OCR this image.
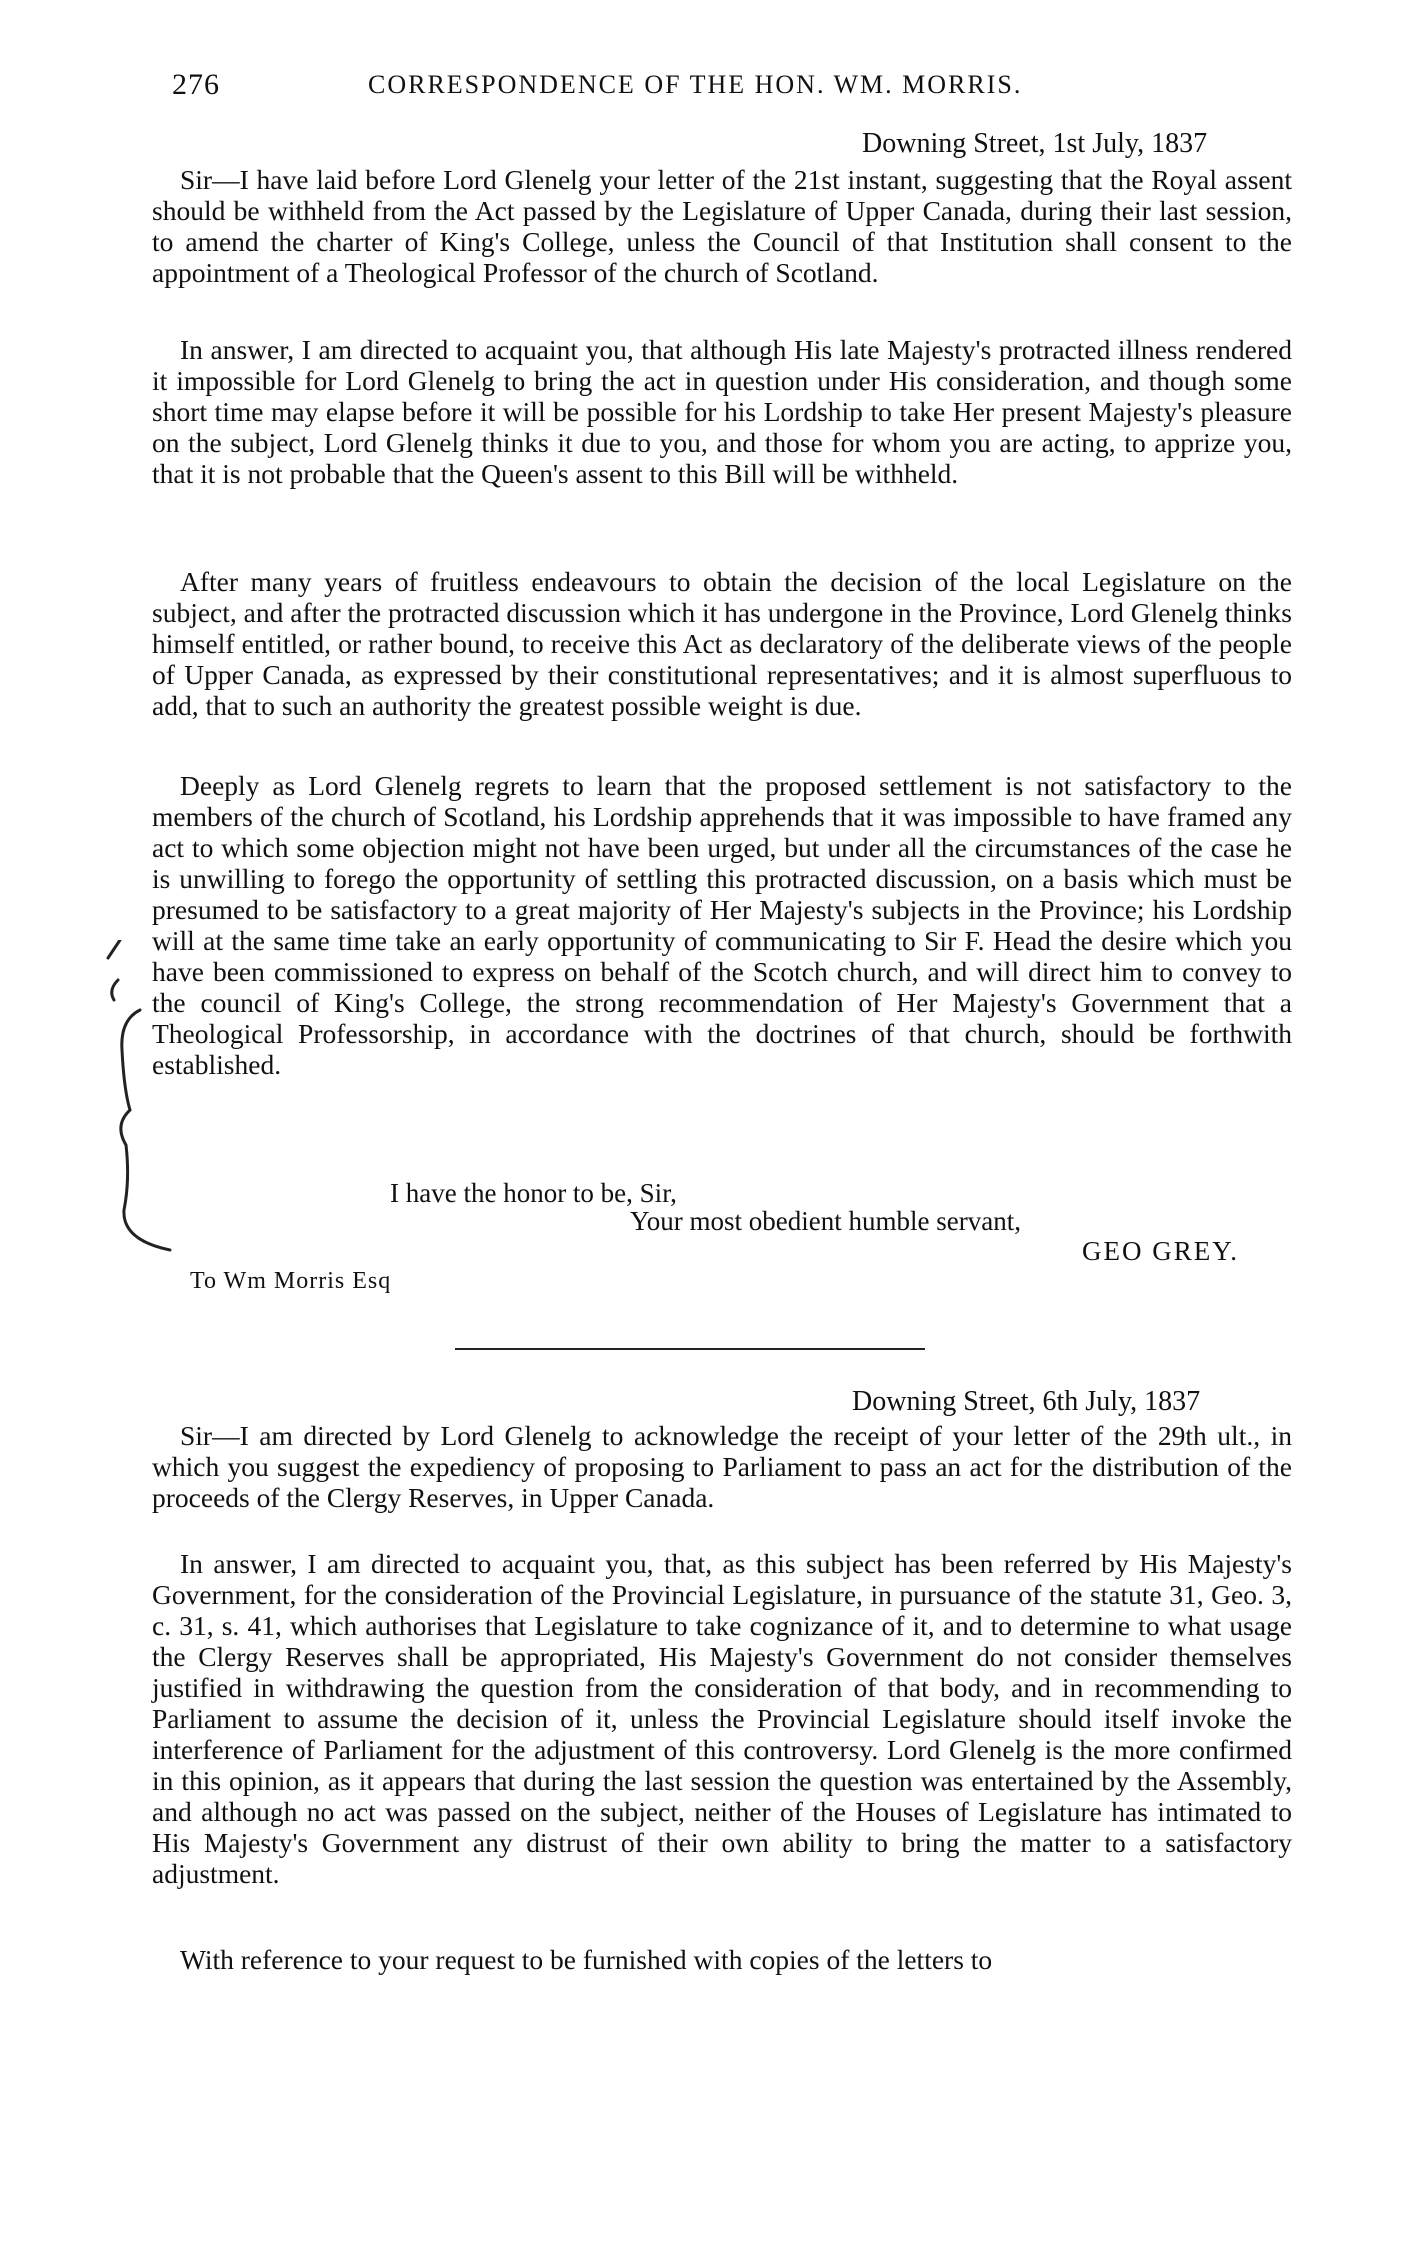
276	CORRESPONDENCE OF THE HON. WM. MORRIS.
Downing Street, 1st July, 1837

Sir—I have laid before Lord Glenelg your letter of the 21st instant, suggesting that the Royal assent should be withheld from the Act passed by the Legislature of Upper Canada, during their last session, to amend the charter of King's College, unless the Council of that Institution shall consent to the appointment of a Theological Professor of the church of Scotland.

In answer, I am directed to acquaint you, that although His late Majesty's protracted illness rendered it impossible for Lord Glenelg to bring the act in question under His consideration, and though some short time may elapse before it will be possible for his Lordship to take Her present Majesty's pleasure on the subject, Lord Glenelg thinks it due to you, and those for whom you are acting, to apprize you, that it is not probable that the Queen's assent to this Bill will be withheld.

After many years of fruitless endeavours to obtain the decision of the local Legislature on the subject, and after the protracted discussion which it has undergone in the Province, Lord Glenelg thinks himself entitled, or rather bound, to receive this Act as declaratory of the deliberate views of the people of Upper Canada, as expressed by their constitutional representatives; and it is almost superfluous to add, that to such an authority the greatest possible weight is due.

Deeply as Lord Glenelg regrets to learn that the proposed settlement is not satisfactory to the members of the church of Scotland, his Lordship apprehends that it was impossible to have framed any act to which some objection might not have been urged, but under all the circumstances of the case he is unwilling to forego the opportunity of settling this protracted discussion, on a basis which must be presumed to be satisfactory to a great majority of Her Majesty's subjects in the Province; his Lordship will at the same time take an early opportunity of communicating to Sir F. Head the desire which you have been commissioned to express on behalf of the Scotch church, and will direct him to convey to the council of King's College, the strong recommendation of Her Majesty's Government that a Theological Professorship, in accordance with the doctrines of that church, should be forthwith established.

I have the honor to be, Sir,
Your most obedient humble servant,
GEO GREY.
To Wm Morris Esq
Downing Street, 6th July, 1837

Sir—I am directed by Lord Glenelg to acknowledge the receipt of your letter of the 29th ult., in which you suggest the expediency of proposing to Parliament to pass an act for the distribution of the proceeds of the Clergy Reserves, in Upper Canada.

In answer, I am directed to acquaint you, that, as this subject has been referred by His Majesty's Government, for the consideration of the Provincial Legislature, in pursuance of the statute 31, Geo. 3, c. 31, s. 41, which authorises that Legislature to take cognizance of it, and to determine to what usage the Clergy Reserves shall be appropriated, His Majesty's Government do not consider themselves justified in withdrawing the question from the consideration of that body, and in recommending to Parliament to assume the decision of it, unless the Provincial Legislature should itself invoke the interference of Parliament for the adjustment of this controversy. Lord Glenelg is the more confirmed in this opinion, as it appears that during the last session the question was entertained by the Assembly, and although no act was passed on the subject, neither of the Houses of Legislature has intimated to His Majesty's Government any distrust of their own ability to bring the matter to a satisfactory adjustment.

With reference to your request to be furnished with copies of the letters to
